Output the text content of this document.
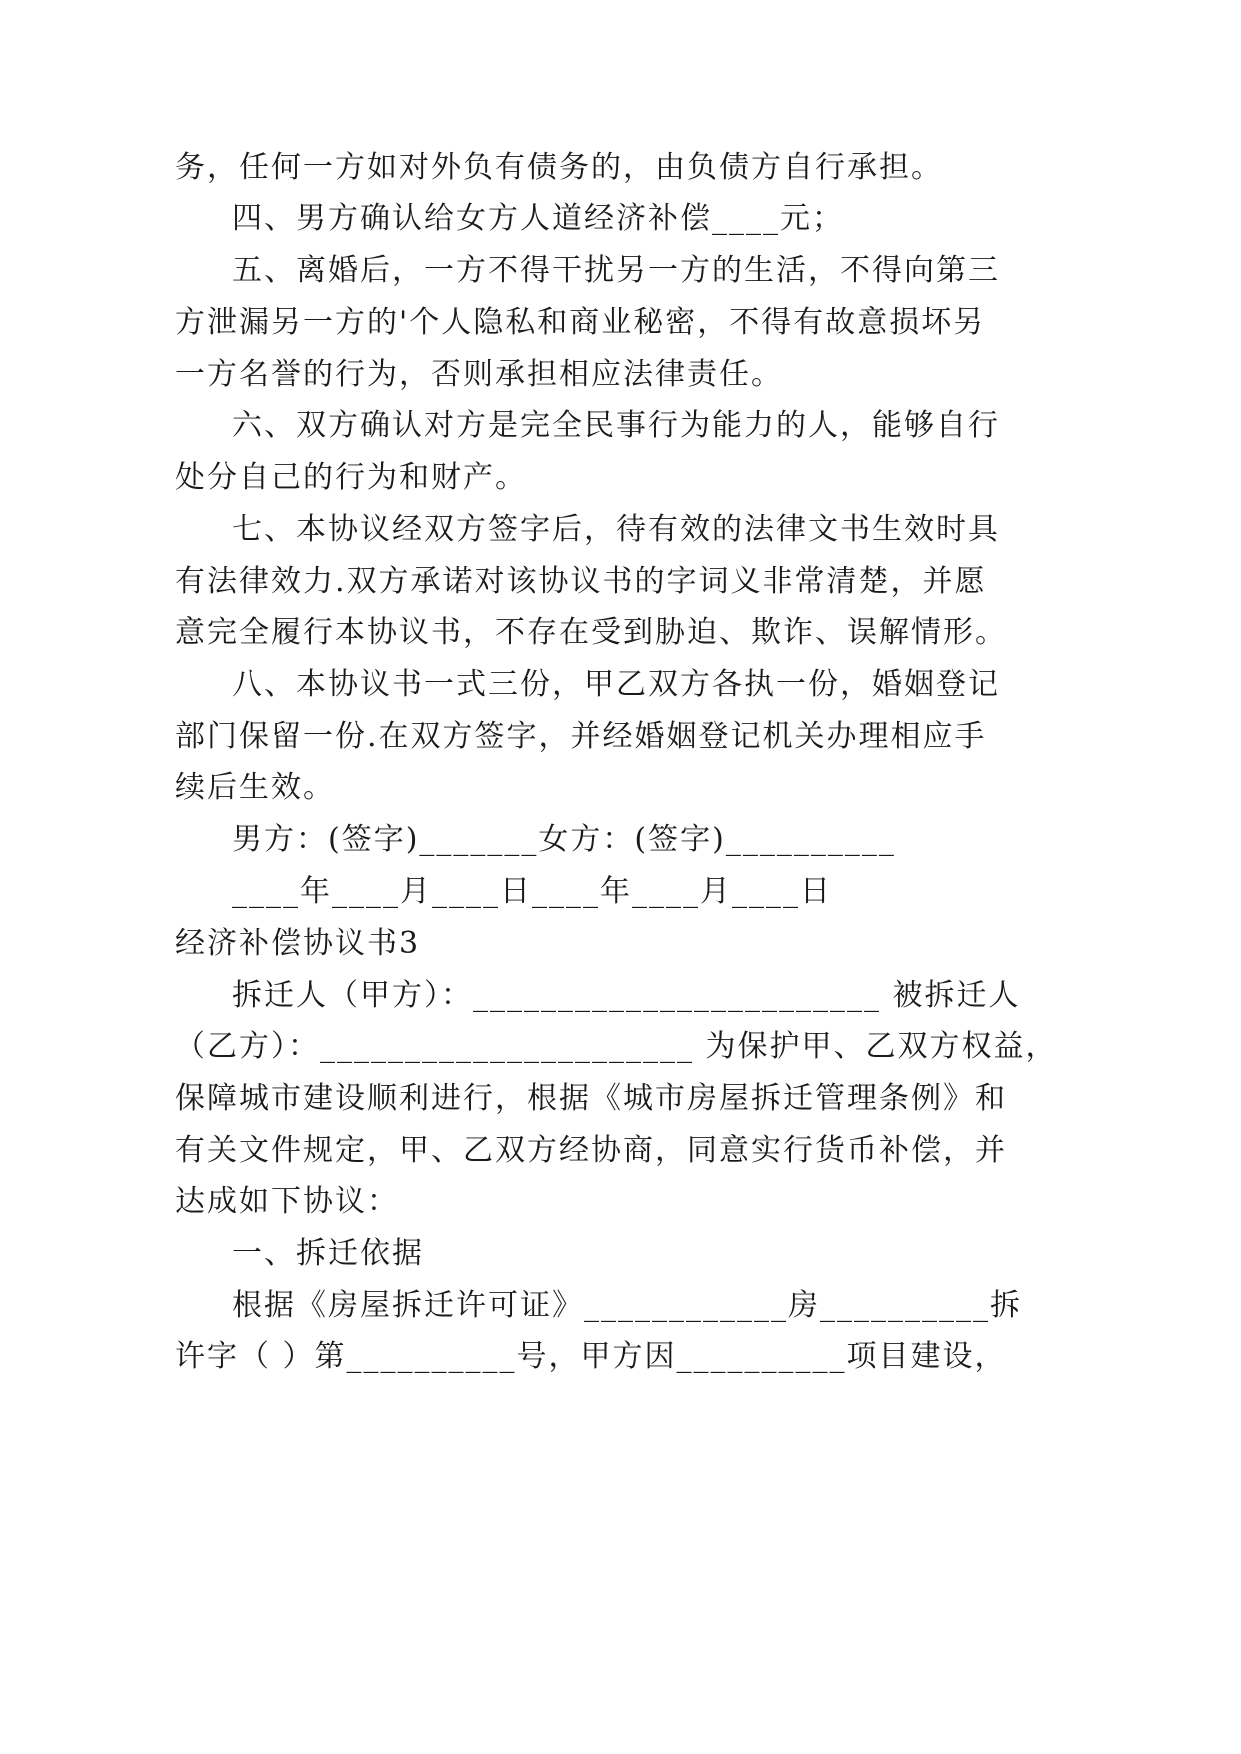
务，任何一方如对外负有债务的，由负债方自行承担。
四、男方确认给女方人道经济补偿____元；
五、离婚后，一方不得干扰另一方的生活，不得向第三
方泄漏另一方的'个人隐私和商业秘密，不得有故意损坏另
一方名誉的行为，否则承担相应法律责任。
六、双方确认对方是完全民事行为能力的人，能够自行
处分自己的行为和财产。
七、本协议经双方签字后，待有效的法律文书生效时具
有法律效力.双方承诺对该协议书的字词义非常清楚，并愿
意完全履行本协议书，不存在受到胁迫、欺诈、误解情形。
八、本协议书一式三份，甲乙双方各执一份，婚姻登记
部门保留一份.在双方签字，并经婚姻登记机关办理相应手
续后生效。
男方：(签字)_______女方：(签字)__________
____年____月____日____年____月____日
经济补偿协议书3
拆迁人（甲方）：________________________ 被拆迁人
（乙方）：______________________ 为保护甲、乙双方权益，
保障城市建设顺利进行，根据《城市房屋拆迁管理条例》和
有关文件规定，甲、乙双方经协商，同意实行货币补偿，并
达成如下协议：
一、拆迁依据
根据《房屋拆迁许可证》____________房__________拆
许字（ ）第__________号，甲方因__________项目建设，
